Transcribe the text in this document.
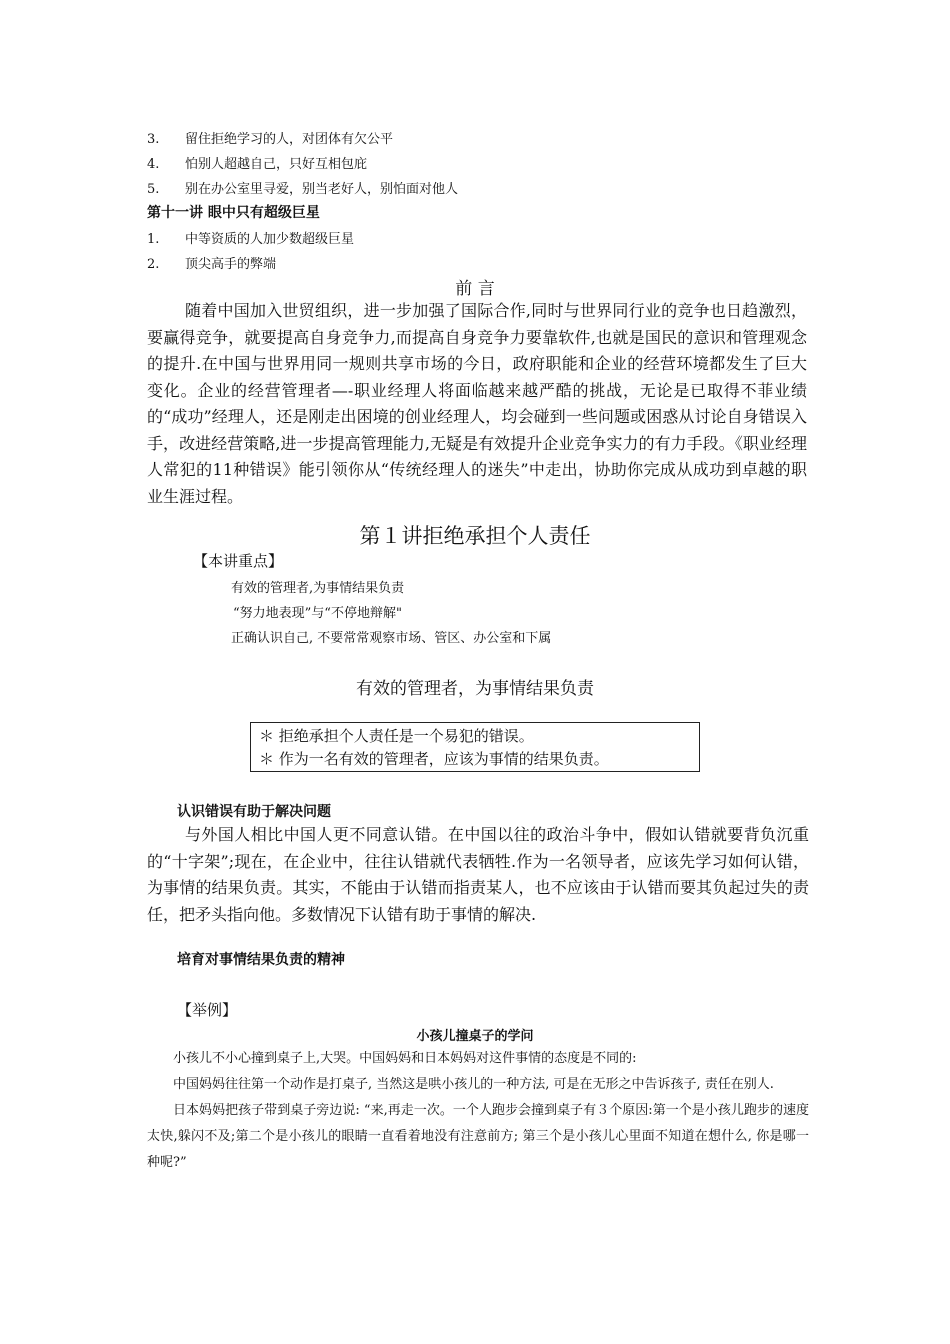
3. 留住拒绝学习的人，对团体有欠公平
4. 怕别人超越自己，只好互相包庇
5. 别在办公室里寻爱，别当老好人，别怕面对他人
第十一讲 眼中只有超级巨星
1. 中等资质的人加少数超级巨星
2. 顶尖高手的弊端
前 言

随着中国加入世贸组织，进一步加强了国际合作,同时与世界同行业的竞争也日趋激烈，要赢得竞争，就要提高自身竞争力,而提高自身竞争力要靠软件,也就是国民的意识和管理观念的提升.在中国与世界用同一规则共享市场的今日，政府职能和企业的经营环境都发生了巨大变化。企业的经营管理者—-职业经理人将面临越来越严酷的挑战，无论是已取得不菲业绩的“成功”经理人，还是刚走出困境的创业经理人，均会碰到一些问题或困惑从讨论自身错误入手，改进经营策略,进一步提高管理能力,无疑是有效提升企业竞争实力的有力手段。《职业经理人常犯的11种错误》能引领你从“传统经理人的迷失”中走出，协助你完成从成功到卓越的职业生涯过程。

第１讲拒绝承担个人责任
【本讲重点】
有效的管理者,为事情结果负责
“努力地表现”与“不停地辩解"
正确认识自己, 不要常常观察市场、管区、办公室和下属
有效的管理者，为事情结果负责
＊ 拒绝承担个人责任是一个易犯的错误。
＊ 作为一名有效的管理者，应该为事情的结果负责。
认识错误有助于解决问题

与外国人相比中国人更不同意认错。在中国以往的政治斗争中，假如认错就要背负沉重的“十字架”;现在，在企业中，往往认错就代表牺牲.作为一名领导者，应该先学习如何认错，为事情的结果负责。其实，不能由于认错而指责某人，也不应该由于认错而要其负起过失的责任，把矛头指向他。多数情况下认错有助于事情的解决.

培育对事情结果负责的精神
【举例】
小孩儿撞桌子的学问

小孩儿不小心撞到桌子上,大哭。中国妈妈和日本妈妈对这件事情的态度是不同的:

中国妈妈往往第一个动作是打桌子, 当然这是哄小孩儿的一种方法, 可是在无形之中告诉孩子, 责任在别人.

日本妈妈把孩子带到桌子旁边说: “来,再走一次。一个人跑步会撞到桌子有３个原因:第一个是小孩儿跑步的速度太快,躲闪不及;第二个是小孩儿的眼睛一直看着地没有注意前方; 第三个是小孩儿心里面不知道在想什么, 你是哪一种呢?”
